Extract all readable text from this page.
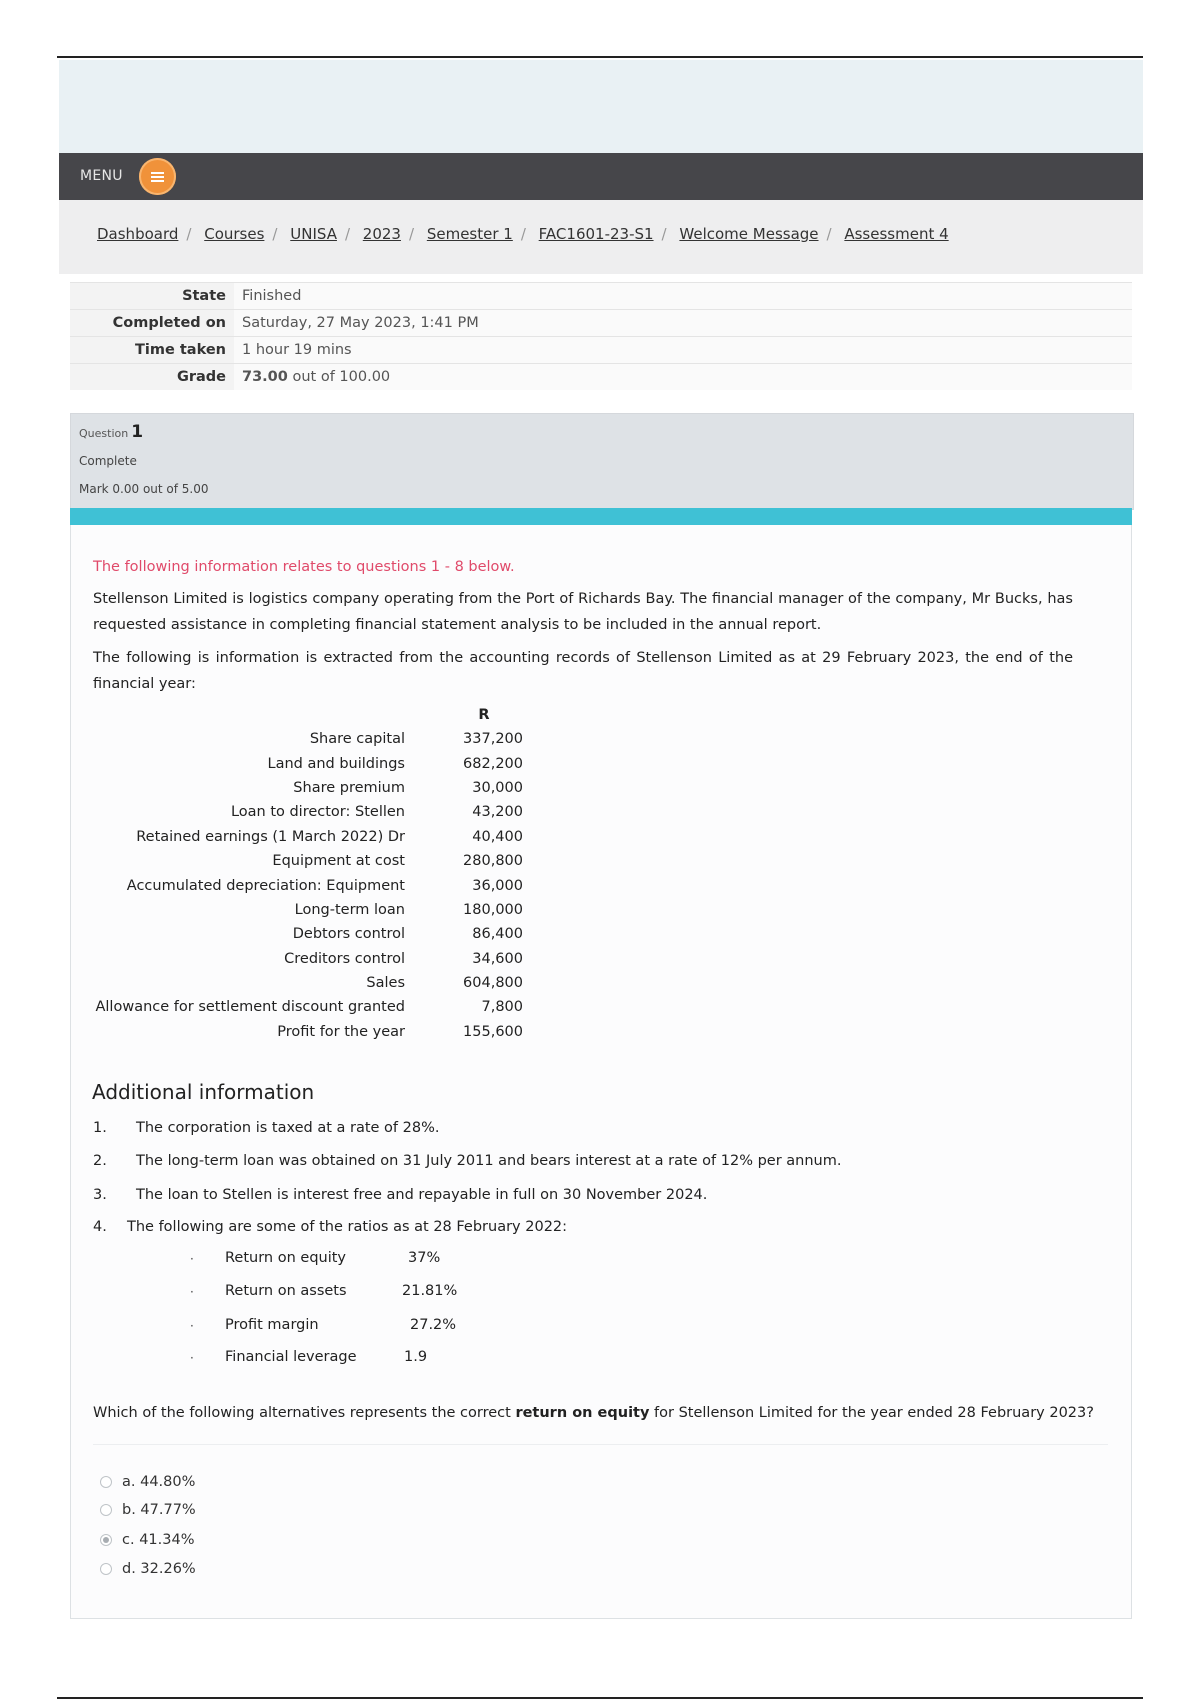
MENU
Dashboard / Courses / UNISA / 2023 / Semester 1 / FAC1601-23-S1 / Welcome Message / Assessment 4
State	Finished
Completed on	Saturday, 27 May 2023, 1:41 PM
Time taken	1 hour 19 mins
Grade	73.00 out of 100.00
Question 1
Complete
Mark 0.00 out of 5.00
The following information relates to questions 1 - 8 below.
Stellenson Limited is logistics company operating from the Port of Richards Bay. The financial manager of the company, Mr Bucks, has requested assistance in completing financial statement analysis to be included in the annual report.
The following is information is extracted from the accounting records of Stellenson Limited as at 29 February 2023, the end of the financial year:
	R
Share capital	337,200
Land and buildings	682,200
Share premium	30,000
Loan to director: Stellen	43,200
Retained earnings (1 March 2022) Dr	40,400
Equipment at cost	280,800
Accumulated depreciation: Equipment	36,000
Long-term loan	180,000
Debtors control	86,400
Creditors control	34,600
Sales	604,800
Allowance for settlement discount granted	7,800
Profit for the year	155,600
Additional information
1. The corporation is taxed at a rate of 28%.
2. The long-term loan was obtained on 31 July 2011 and bears interest at a rate of 12% per annum.
3. The loan to Stellen is interest free and repayable in full on 30 November 2024.
4. The following are some of the ratios as at 28 February 2022:
· Return on equity	37%
· Return on assets	21.81%
· Profit margin	27.2%
· Financial leverage	1.9
Which of the following alternatives represents the correct return on equity for Stellenson Limited for the year ended 28 February 2023?
a. 44.80%
b. 47.77%
c. 41.34%
d. 32.26%
